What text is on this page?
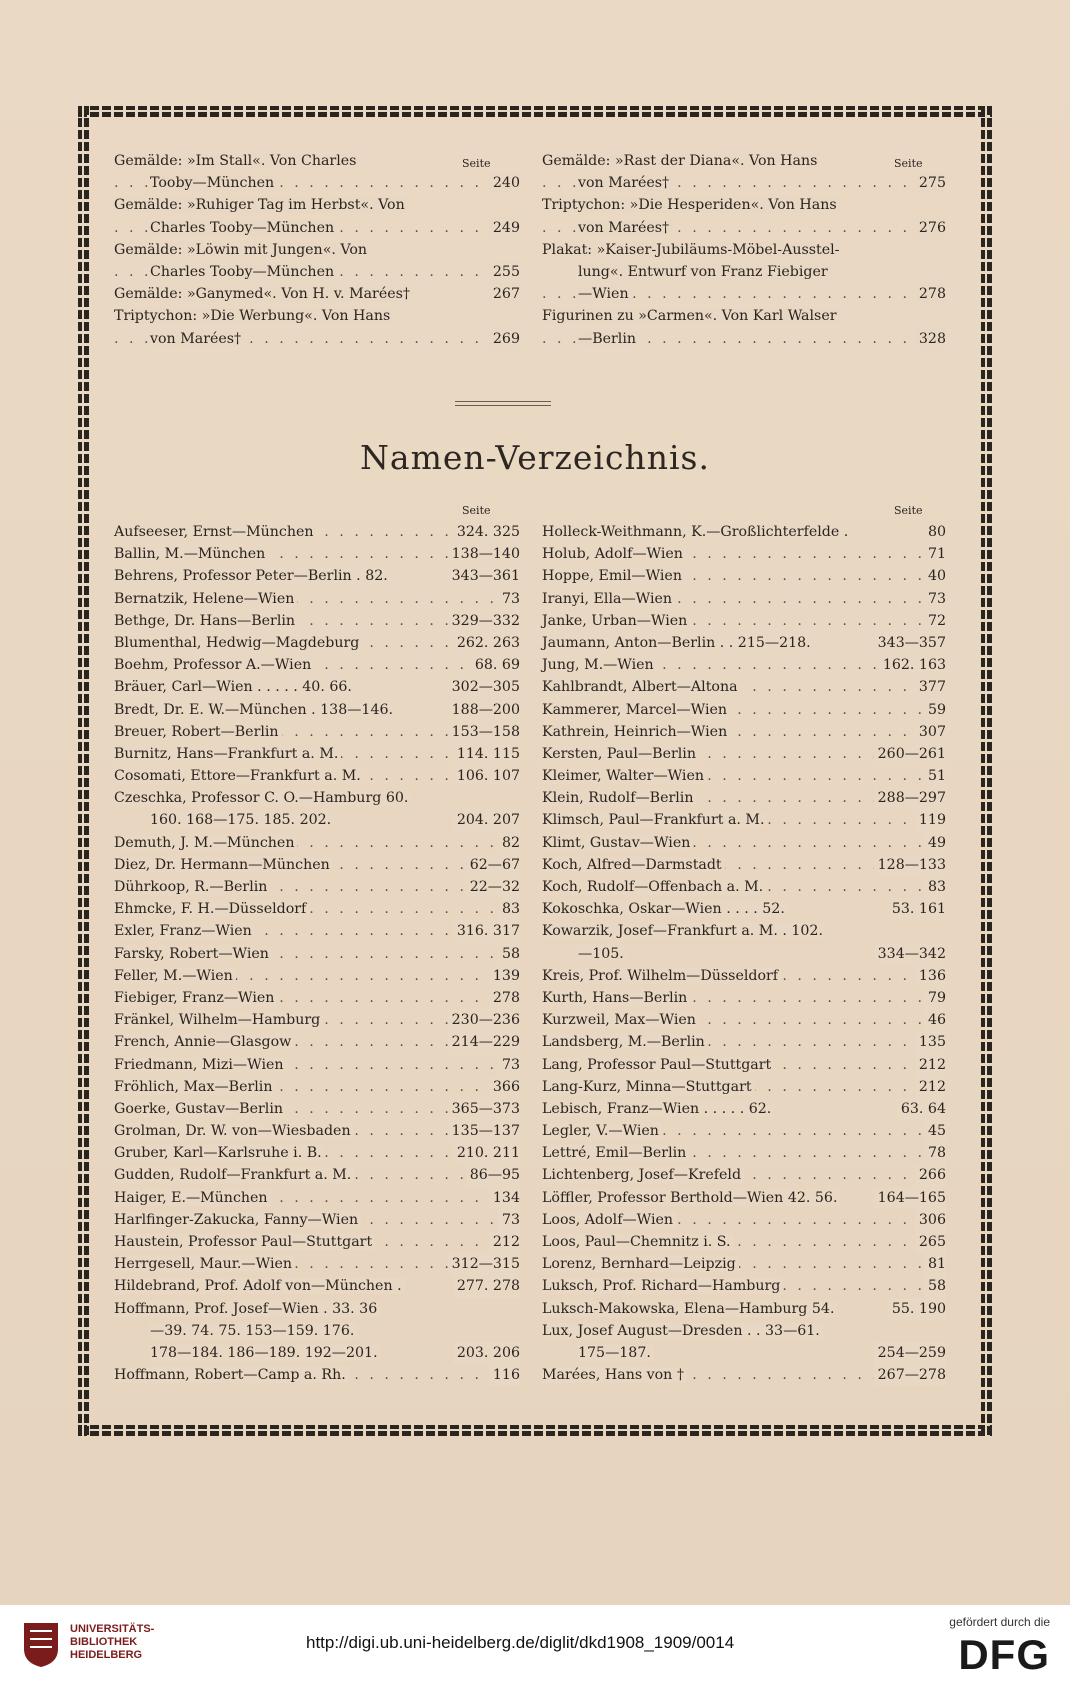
Seite	Seite
Gemälde: »Im Stall«. Von Charles
. . . Tooby—München	240
Gemälde: »Ruhiger Tag im Herbst«. Von
. . . Charles Tooby—München	249
Gemälde: »Löwin mit Jungen«. Von
. . . Charles Tooby—München	255
Gemälde: »Ganymed«. Von H. v. Marées†	267
Triptychon: »Die Werbung«. Von Hans
. . . von Marées†	269
Gemälde: »Rast der Diana«. Von Hans
. . . von Marées†	275
Triptychon: »Die Hesperiden«. Von Hans
. . . von Marées†	276
Plakat: »Kaiser-Jubiläums-Möbel-Ausstel-
lung«. Entwurf von Franz Fiebiger
. . . —Wien	278
Figurinen zu »Carmen«. Von Karl Walser
. . . —Berlin	328
Namen-Verzeichnis.
Seite	Seite
. . . Aufseeser, Ernst—München	324. 325
. . . Ballin, M.—München	138—140
Behrens, Professor Peter—Berlin . 82.	343—361
. . . Bernatzik, Helene—Wien	73
. . . Bethge, Dr. Hans—Berlin	329—332
. . . Blumenthal, Hedwig—Magdeburg	262. 263
. . . Boehm, Professor A.—Wien	68. 69
Bräuer, Carl—Wien . . . . . 40. 66.	302—305
Bredt, Dr. E. W.—München . 138—146.	188—200
. . . Breuer, Robert—Berlin	153—158
. . . Burnitz, Hans—Frankfurt a. M.	114. 115
. . . Cosomati, Ettore—Frankfurt a. M.	106. 107
Czeschka, Professor C. O.—Hamburg 60.
160. 168—175. 185. 202.	204. 207
. . . Demuth, J. M.—München	82
. . . Diez, Dr. Hermann—München	62—67
. . . Dührkoop, R.—Berlin	22—32
. . . Ehmcke, F. H.—Düsseldorf	83
. . . Exler, Franz—Wien	316. 317
. . . Farsky, Robert—Wien	58
. . . Feller, M.—Wien	139
. . . Fiebiger, Franz—Wien	278
. . . Fränkel, Wilhelm—Hamburg	230—236
. . . French, Annie—Glasgow	214—229
. . . Friedmann, Mizi—Wien	73
. . . Fröhlich, Max—Berlin	366
. . . Goerke, Gustav—Berlin	365—373
. . . Grolman, Dr. W. von—Wiesbaden	135—137
. . . Gruber, Karl—Karlsruhe i. B.	210. 211
. . . Gudden, Rudolf—Frankfurt a. M.	86—95
. . . Haiger, E.—München	134
. . . Harlfinger-Zakucka, Fanny—Wien	73
. . . Haustein, Professor Paul—Stuttgart	212
. . . Herrgesell, Maur.—Wien	312—315
Hildebrand, Prof. Adolf von—München .	277. 278
Hoffmann, Prof. Josef—Wien . 33. 36
—39. 74. 75. 153—159. 176.
178—184. 186—189. 192—201.	203. 206
. . . Hoffmann, Robert—Camp a. Rh.	116
Holleck-Weithmann, K.—Großlichterfelde .	80
. . . Holub, Adolf—Wien	71
. . . Hoppe, Emil—Wien	40
. . . Iranyi, Ella—Wien	73
. . . Janke, Urban—Wien	72
Jaumann, Anton—Berlin . . 215—218.	343—357
. . . Jung, M.—Wien	162. 163
. . . Kahlbrandt, Albert—Altona	377
. . . Kammerer, Marcel—Wien	59
. . . Kathrein, Heinrich—Wien	307
. . . Kersten, Paul—Berlin	260—261
. . . Kleimer, Walter—Wien	51
. . . Klein, Rudolf—Berlin	288—297
. . . Klimsch, Paul—Frankfurt a. M.	119
. . . Klimt, Gustav—Wien	49
. . . Koch, Alfred—Darmstadt	128—133
. . . Koch, Rudolf—Offenbach a. M.	83
Kokoschka, Oskar—Wien . . . . 52.	53. 161
Kowarzik, Josef—Frankfurt a. M. . 102.
—105.	334—342
. . . Kreis, Prof. Wilhelm—Düsseldorf	136
. . . Kurth, Hans—Berlin	79
. . . Kurzweil, Max—Wien	46
. . . Landsberg, M.—Berlin	135
. . . Lang, Professor Paul—Stuttgart	212
. . . Lang-Kurz, Minna—Stuttgart	212
Lebisch, Franz—Wien . . . . . 62.	63. 64
. . . Legler, V.—Wien	45
. . . Lettré, Emil—Berlin	78
. . . Lichtenberg, Josef—Krefeld	266
Löffler, Professor Berthold—Wien 42. 56.	164—165
. . . Loos, Adolf—Wien	306
. . . Loos, Paul—Chemnitz i. S.	265
. . . Lorenz, Bernhard—Leipzig	81
. . . Luksch, Prof. Richard—Hamburg	58
Luksch-Makowska, Elena—Hamburg 54.	55. 190
Lux, Josef August—Dresden . . 33—61.
175—187.	254—259
. . . Marées, Hans von †	267—278
UNIVERSITÄTS-
BIBLIOTHEK
HEIDELBERG
http://digi.ub.uni-heidelberg.de/diglit/dkd1908_1909/0014
gefördert durch die
DFG
